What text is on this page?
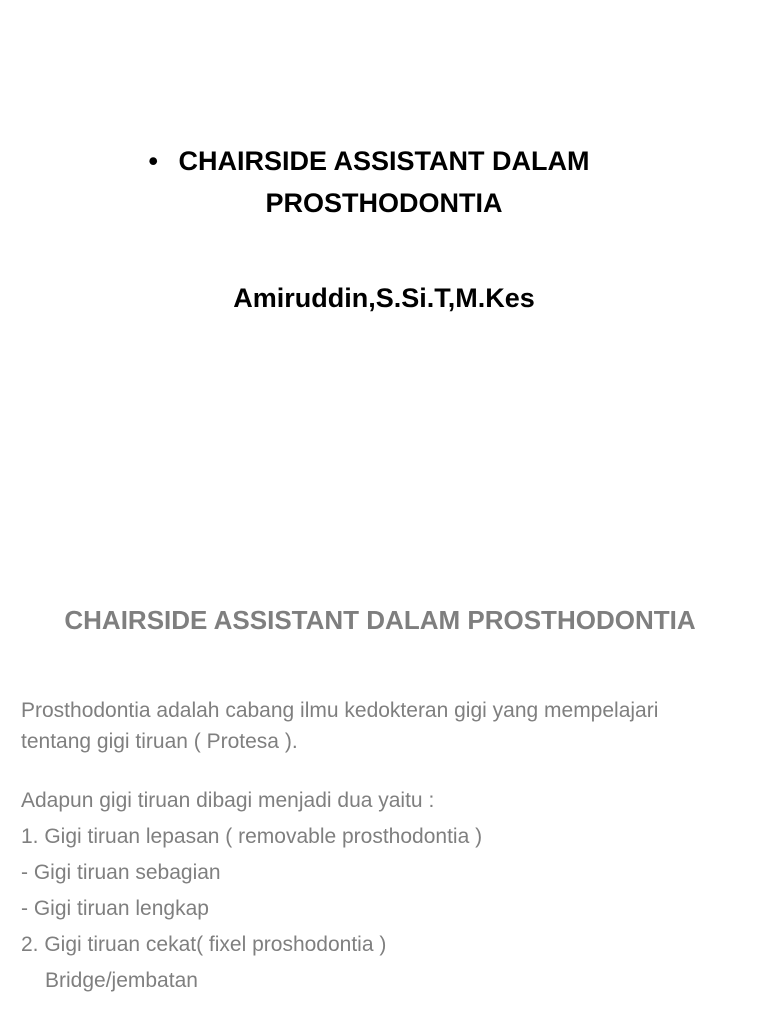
• CHAIRSIDE ASSISTANT DALAM
PROSTHODONTIA
Amiruddin,S.Si.T,M.Kes
CHAIRSIDE ASSISTANT DALAM PROSTHODONTIA
Prosthodontia adalah cabang ilmu kedokteran gigi yang mempelajari
tentang gigi tiruan ( Protesa ).
Adapun gigi tiruan dibagi menjadi dua yaitu :
1. Gigi tiruan lepasan ( removable prosthodontia )
- Gigi tiruan sebagian
- Gigi tiruan lengkap
2. Gigi tiruan cekat( fixel proshodontia )
Bridge/jembatan
